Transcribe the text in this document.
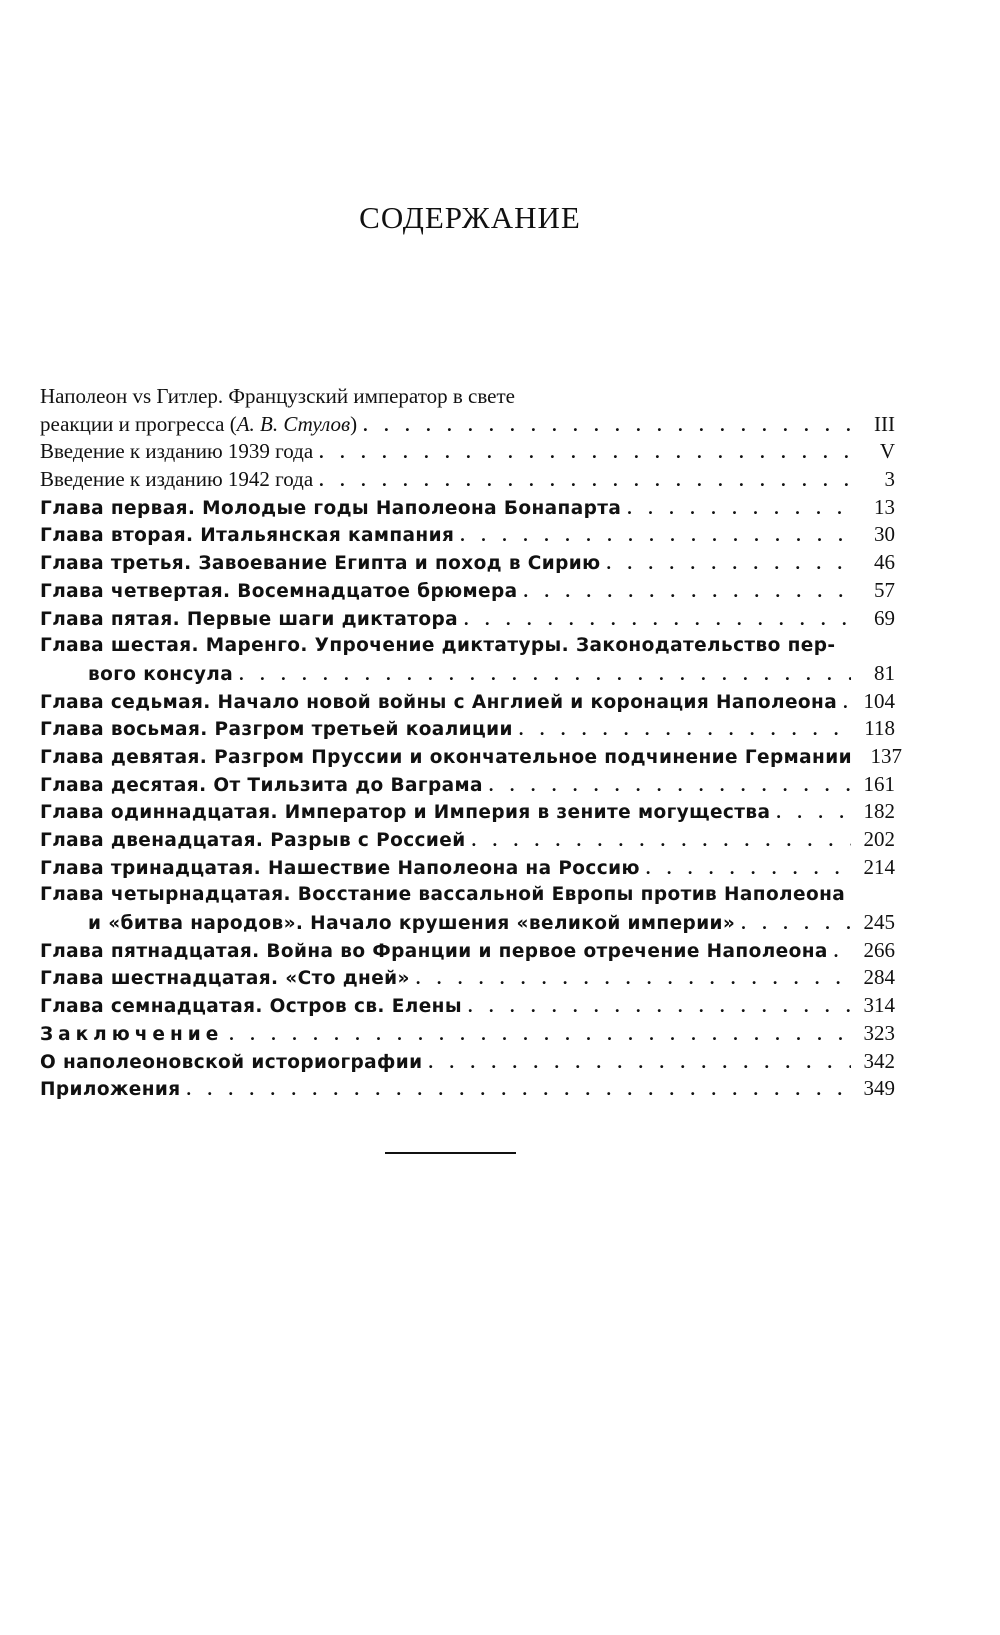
СОДЕРЖАНИЕ
Наполеон vs Гитлер. Французский император в свете
реакции и прогресса (А. В. Стулов) . . .	III
Введение к изданию 1939 года . . .	V
Введение к изданию 1942 года . . .	3
Глава первая. Молодые годы Наполеона Бонапарта . . .	13
Глава вторая. Итальянская кампания . . .	30
Глава третья. Завоевание Египта и поход в Сирию . . .	46
Глава четвертая. Восемнадцатое брюмера . . .	57
Глава пятая. Первые шаги диктатора . . .	69
Глава шестая. Маренго. Упрочение диктатуры. Законодательство пер-
вого консула . . .	81
Глава седьмая. Начало новой войны с Англией и коронация Наполеона . . .	104
Глава восьмая. Разгром третьей коалиции . . .	118
Глава девятая. Разгром Пруссии и окончательное подчинение Германии 137
Глава десятая. От Тильзита до Ваграма . . .	161
Глава одиннадцатая. Император и Империя в зените могущества . . .	182
Глава двенадцатая. Разрыв с Россией . . .	202
Глава тринадцатая. Нашествие Наполеона на Россию . . .	214
Глава четырнадцатая. Восстание вассальной Европы против Наполеона
и «битва народов». Начало крушения «великой империи» . . .	245
Глава пятнадцатая. Война во Франции и первое отречение Наполеона . . .	266
Глава шестнадцатая. «Сто дней» . . .	284
Глава семнадцатая. Остров св. Елены . . .	314
Заключение . . .	323
О наполеоновской историографии . . .	342
Приложения . . .	349
